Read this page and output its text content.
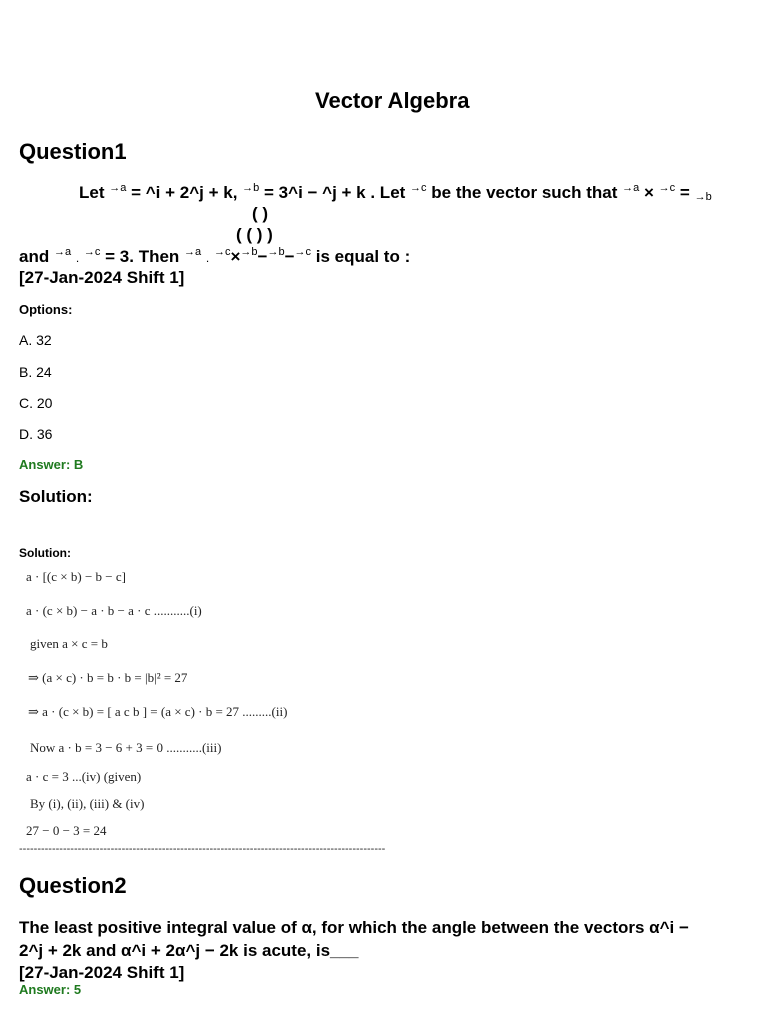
Vector Algebra
Question1
Let $^{\to a}$ = ^i + 2^j + k, $^{\to b}$ = 3^i − ^j + k . Let $^{\to c}$ be the vector such that $^{\to a}$ × $^{\to c}$ = →b
( )
( ( ) )
and $^{\to a}$ . $^{\to c}$ = 3. Then $^{\to a}$ . $^{\to c}$×$^{\to b}$−$^{\to b}$−$^{\to c}$ is equal to :
[27-Jan-2024 Shift 1]
Options:
A. 32
B. 24
C. 20
D. 36
Answer: B
Solution:
Solution:
a · [(c × b) − b − c]
a · (c × b) − a · b − a · c ...........(i)
given a × c = b
⇒ (a × c) · b = b · b = |b|² = 27
⇒ a · (c × b) = [ a c b ] = (a × c) · b = 27 .........(ii)
Now a · b = 3 − 6 + 3 = 0 ...........(iii)
a · c = 3 ...(iv) (given)
By (i), (ii), (iii) & (iv)
27 − 0 − 3 = 24
----------------------------------------------------------------------------------------------------
Question2
The least positive integral value of α, for which the angle between the vectors α^i −
2^j + 2k and α^i + 2α^j − 2k is acute, is___
[27-Jan-2024 Shift 1]
Answer: 5
